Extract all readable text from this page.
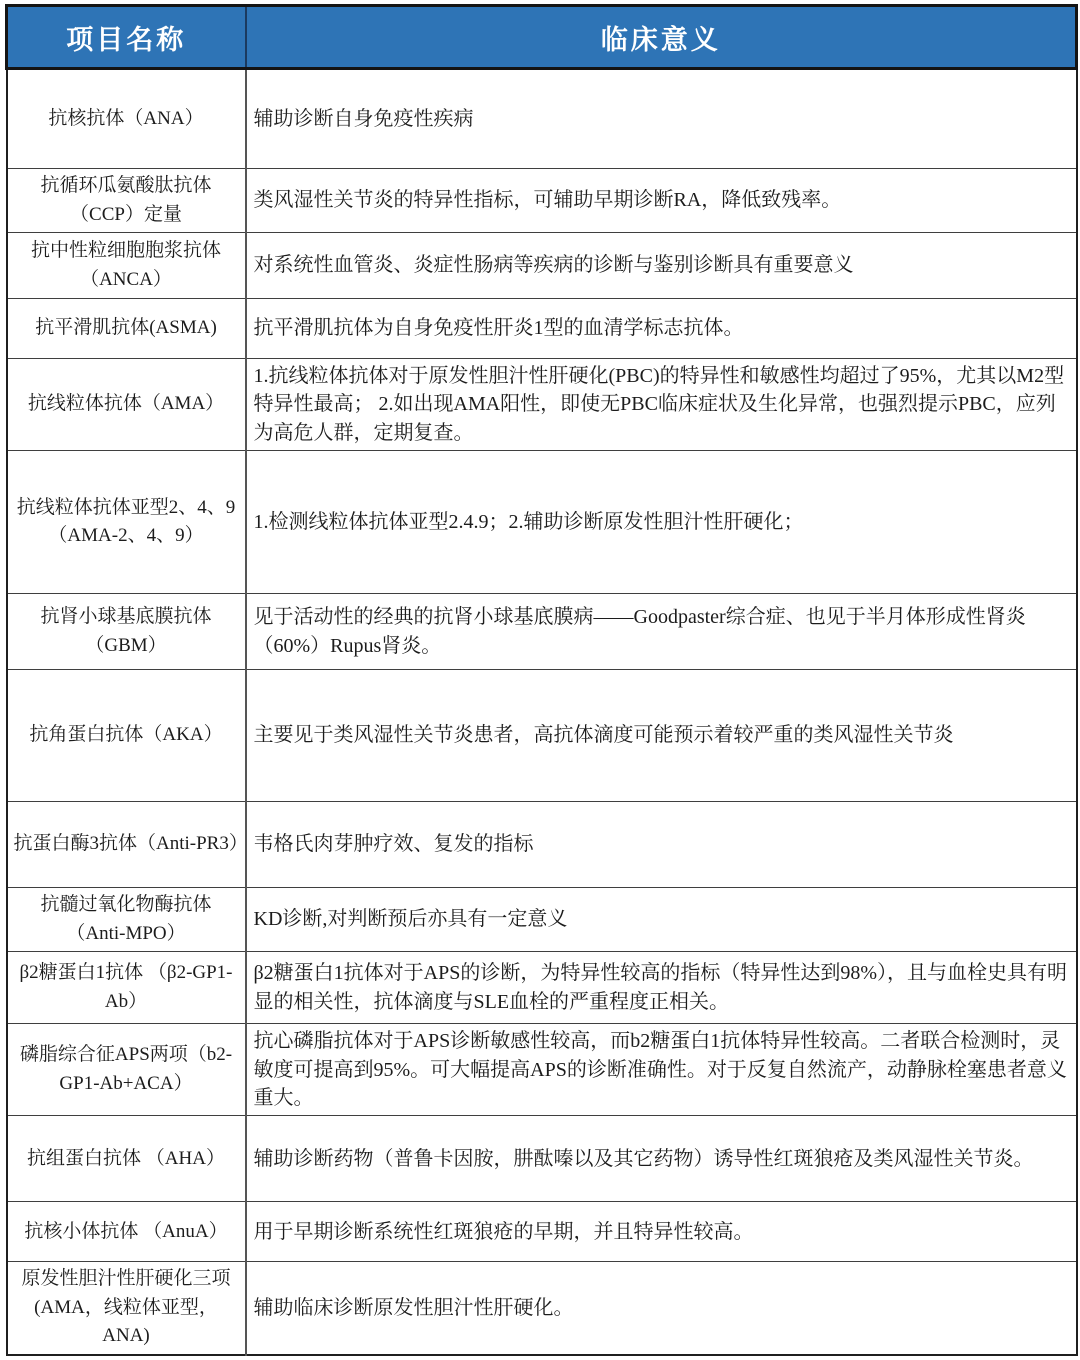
项目名称	临床意义
抗核抗体（ANA）	辅助诊断自身免疫性疾病
抗循环瓜氨酸肽抗体（CCP）定量	类风湿性关节炎的特异性指标，可辅助早期诊断RA，降低致残率。
抗中性粒细胞胞浆抗体（ANCA）	对系统性血管炎、炎症性肠病等疾病的诊断与鉴别诊断具有重要意义
抗平滑肌抗体(ASMA)	抗平滑肌抗体为自身免疫性肝炎1型的血清学标志抗体。
抗线粒体抗体（AMA）	1.抗线粒体抗体对于原发性胆汁性肝硬化(PBC)的特异性和敏感性均超过了95%，尤其以M2型特异性最高； 2.如出现AMA阳性，即使无PBC临床症状及生化异常，也强烈提示PBC，应列为高危人群，定期复查。
抗线粒体抗体亚型2、4、9 （AMA-2、4、9）	1.检测线粒体抗体亚型2.4.9；2.辅助诊断原发性胆汁性肝硬化；
抗肾小球基底膜抗体（GBM）	见于活动性的经典的抗肾小球基底膜病——Goodpaster综合症、也见于半月体形成性肾炎（60%）Rupus肾炎。
抗角蛋白抗体（AKA）	主要见于类风湿性关节炎患者，高抗体滴度可能预示着较严重的类风湿性关节炎
抗蛋白酶3抗体（Anti-PR3）	韦格氏肉芽肿疗效、复发的指标
抗髓过氧化物酶抗体（Anti-MPO）	KD诊断,对判断预后亦具有一定意义
β2糖蛋白1抗体 （β2-GP1-Ab）	β2糖蛋白1抗体对于APS的诊断，为特异性较高的指标（特异性达到98%），且与血栓史具有明显的相关性，抗体滴度与SLE血栓的严重程度正相关。
磷脂综合征APS两项（b2-GP1-Ab+ACA）	抗心磷脂抗体对于APS诊断敏感性较高，而b2糖蛋白1抗体特异性较高。二者联合检测时，灵敏度可提高到95%。可大幅提高APS的诊断准确性。对于反复自然流产，动静脉栓塞患者意义重大。
抗组蛋白抗体 （AHA）	辅助诊断药物（普鲁卡因胺，肼酞嗪以及其它药物）诱导性红斑狼疮及类风湿性关节炎。
抗核小体抗体 （AnuA）	用于早期诊断系统性红斑狼疮的早期，并且特异性较高。
原发性胆汁性肝硬化三项(AMA，线粒体亚型，ANA)	辅助临床诊断原发性胆汁性肝硬化。
